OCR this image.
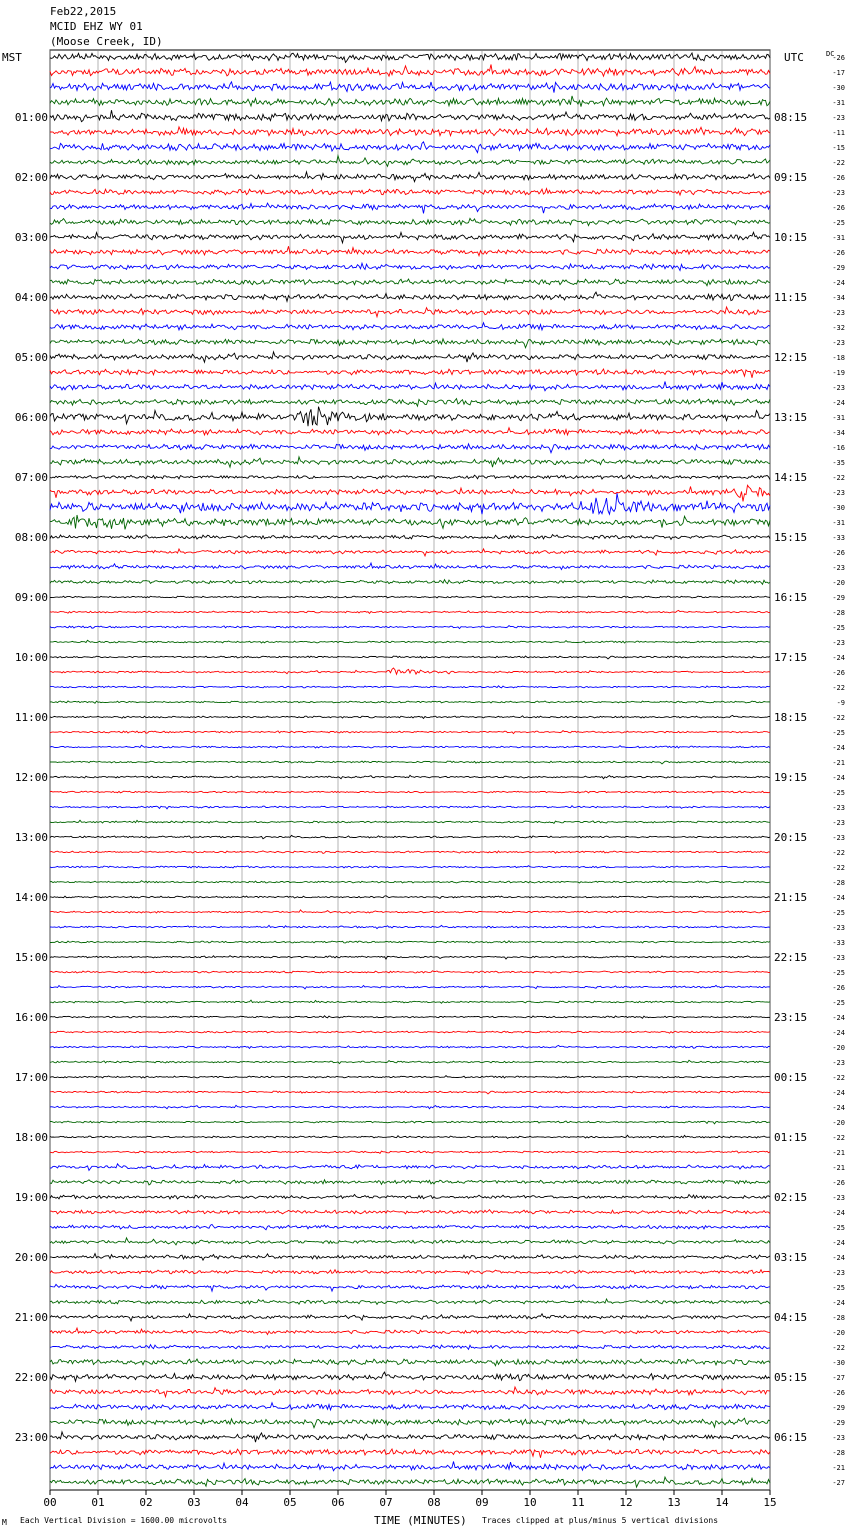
Feb22,2015
MCID EHZ WY 01
(Moose Creek, ID)
00	01	02	03	04	05	06	07	08	09	10	11	12	13	14	15
-26
-17
-30
-31
-23
01:00	08:15
-11
-15
-22
-26
02:00	09:15
-23
-26
-25
-31
03:00	10:15
-26
-29
-24
-34
04:00	11:15
-23
-32
-23
-18
05:00	12:15
-19
-23
-24
-31
06:00	13:15
-34
-16
-35
-22
07:00	14:15
-23
-30
-31
-33
08:00	15:15
-26
-23
-20
-29
09:00	16:15
-28
-25
-23
-24
10:00	17:15
-26
-22
-9
-22
11:00	18:15
-25
-24
-21
-24
12:00	19:15
-25
-23
-23
-23
13:00	20:15
-22
-22
-28
-24
14:00	21:15
-25
-23
-33
-23
15:00	22:15
-25
-26
-25
-24
16:00	23:15
-24
-20
-23
-22
17:00	00:15
-24
-24
-20
-22
18:00	01:15
-21
-21
-26
-23
19:00	02:15
-24
-25
-24
-24
20:00	03:15
-23
-25
-24
-28
21:00	04:15
-20
-22
-30
-27
22:00	05:15
-26
-29
-29
-23
23:00	06:15
-28
-21
-27
MST	UTC	DC
TIME (MINUTES)
M Each Vertical Division = 1600.00 microvolts	Traces clipped at plus/minus 5 vertical divisions
